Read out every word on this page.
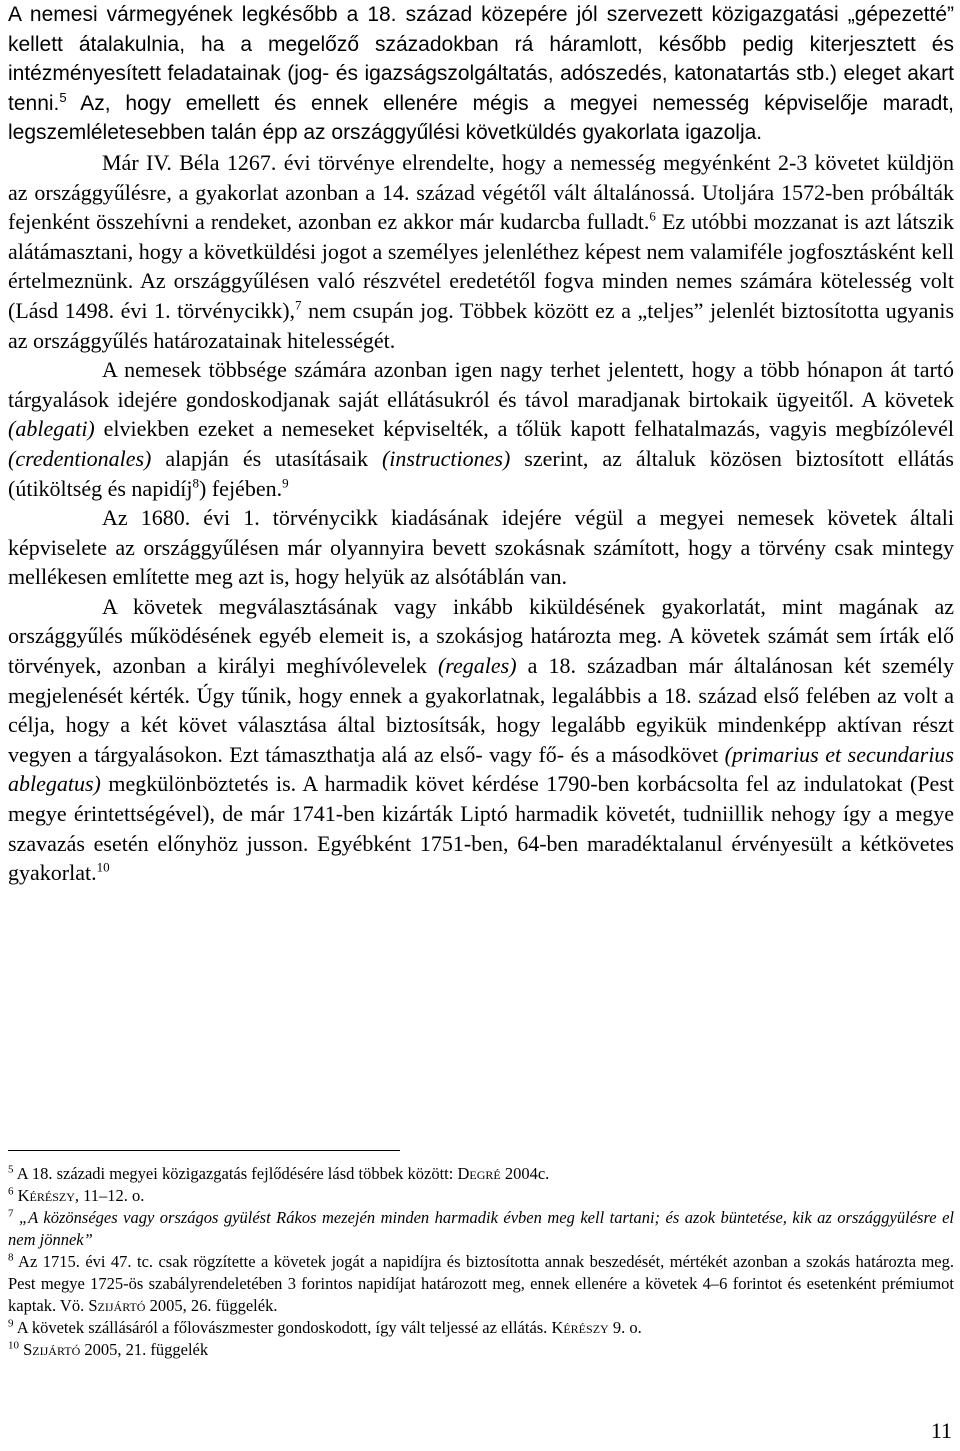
A nemesi vármegyének legkésőbb a 18. század közepére jól szervezett közigazgatási „gépezetté” kellett átalakulnia, ha a megelőző századokban rá háramlott, később pedig kiterjesztett és intézményesített feladatainak (jog- és igazságszolgáltatás, adószedés, katonatartás stb.) eleget akart tenni.$^5$ Az, hogy emellett és ennek ellenére mégis a megyei nemesség képviselője maradt, legszemléletesebben talán épp az országgyűlési követküldés gyakorlata igazolja.

Már IV. Béla 1267. évi törvénye elrendelte, hogy a nemesség megyénként 2-3 követet küldjön az országgyűlésre, a gyakorlat azonban a 14. század végétől vált általánossá. Utoljára 1572-ben próbálták fejenként összehívni a rendeket, azonban ez akkor már kudarcba fulladt.$^6$ Ez utóbbi mozzanat is azt látszik alátámasztani, hogy a követküldési jogot a személyes jelenléthez képest nem valamiféle jogfosztásként kell értelmeznünk. Az országgyűlésen való részvétel eredetétől fogva minden nemes számára kötelesség volt (Lásd 1498. évi 1. törvénycikk),$^7$ nem csupán jog. Többek között ez a „teljes” jelenlét biztosította ugyanis az országgyűlés határozatainak hitelességét.

A nemesek többsége számára azonban igen nagy terhet jelentett, hogy a több hónapon át tartó tárgyalások idejére gondoskodjanak saját ellátásukról és távol maradjanak birtokaik ügyeitől. A követek (ablegati) elviekben ezeket a nemeseket képviselték, a tőlük kapott felhatalmazás, vagyis megbízólevél (credentionales) alapján és utasításaik (instructiones) szerint, az általuk közösen biztosított ellátás (útiköltség és napidíj$^8$) fejében.$^9$

Az 1680. évi 1. törvénycikk kiadásának idejére végül a megyei nemesek követek általi képviselete az országgyűlésen már olyannyira bevett szokásnak számított, hogy a törvény csak mintegy mellékesen említette meg azt is, hogy helyük az alsótáblán van.

A követek megválasztásának vagy inkább kiküldésének gyakorlatát, mint magának az országgyűlés működésének egyéb elemeit is, a szokásjog határozta meg. A követek számát sem írták elő törvények, azonban a királyi meghívólevelek (regales) a 18. században már általánosan két személy megjelenését kérték. Úgy tűnik, hogy ennek a gyakorlatnak, legalábbis a 18. század első felében az volt a célja, hogy a két követ választása által biztosítsák, hogy legalább egyikük mindenképp aktívan részt vegyen a tárgyalásokon. Ezt támaszthatja alá az első- vagy fő- és a másodkövet (primarius et secundarius ablegatus) megkülönböztetés is. A harmadik követ kérdése 1790-ben korbácsolta fel az indulatokat (Pest megye érintettségével), de már 1741-ben kizárták Liptó harmadik követét, tudniillik nehogy így a megye szavazás esetén előnyhöz jusson. Egyébként 1751-ben, 64-ben maradéktalanul érvényesült a kétkövetes gyakorlat.$^{10}$

$^5$ A 18. századi megyei közigazgatás fejlődésére lásd többek között: Degré 2004c.

$^6$ Kérészy, 11–12. o.

$^7$ „A közönséges vagy országos gyülést Rákos mezején minden harmadik évben meg kell tartani; és azok büntetése, kik az országgyülésre el nem jönnek”

$^8$ Az 1715. évi 47. tc. csak rögzítette a követek jogát a napidíjra és biztosította annak beszedését, mértékét azonban a szokás határozta meg. Pest megye 1725-ös szabályrendeletében 3 forintos napidíjat határozott meg, ennek ellenére a követek 4–6 forintot és esetenként prémiumot kaptak. Vö. Szijártó 2005, 26. függelék.

$^9$ A követek szállásáról a főlovászmester gondoskodott, így vált teljessé az ellátás. Kérészy 9. o.

$^{10}$ Szijártó 2005, 21. függelék

11
